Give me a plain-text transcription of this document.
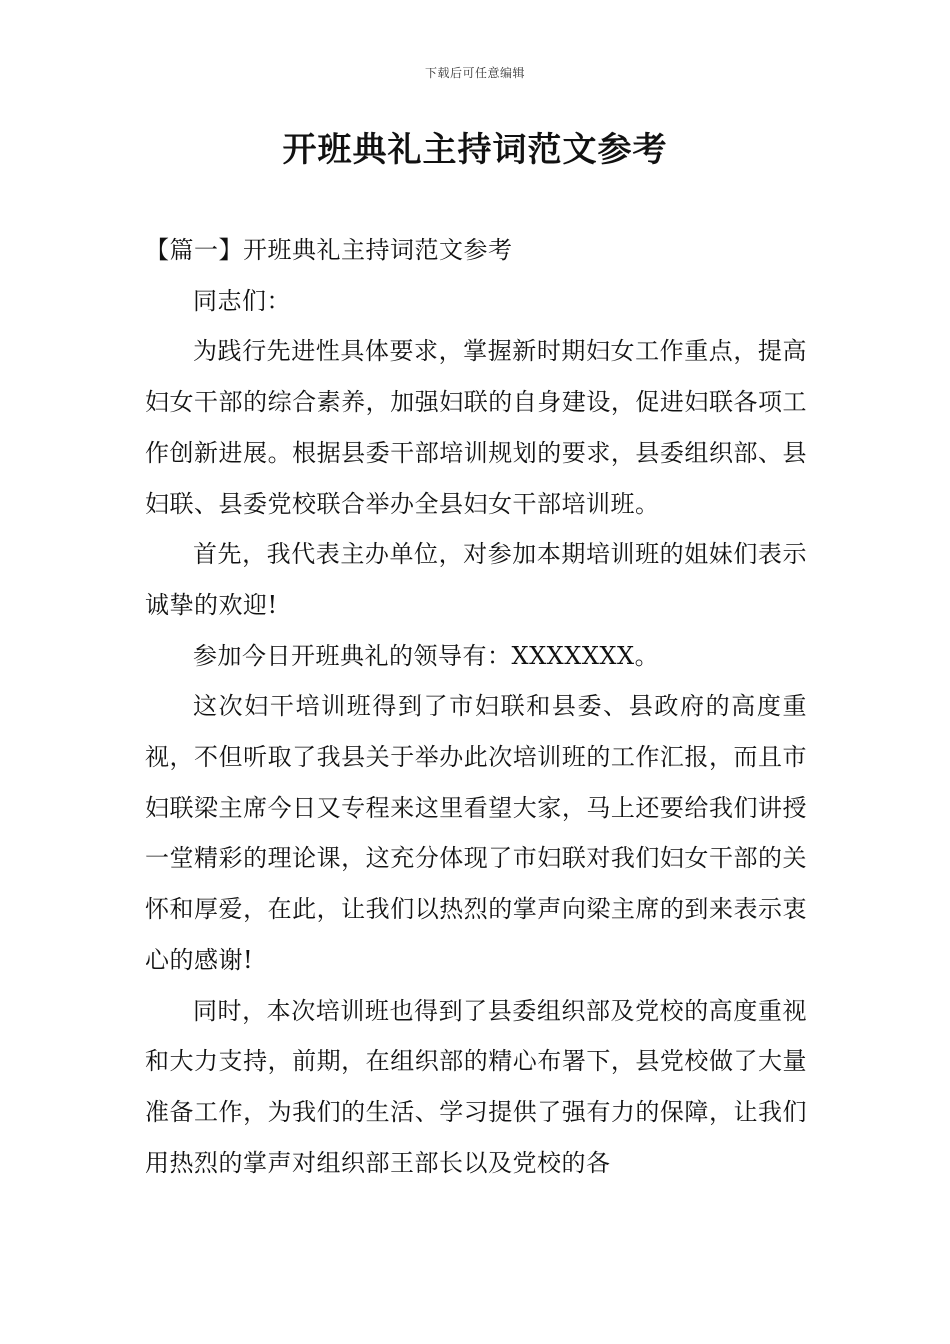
下载后可任意编辑
开班典礼主持词范文参考

【篇一】开班典礼主持词范文参考

同志们：

为践行先进性具体要求，掌握新时期妇女工作重点，提高妇女干部的综合素养，加强妇联的自身建设，促进妇联各项工作创新进展。根据县委干部培训规划的要求，县委组织部、县妇联、县委党校联合举办全县妇女干部培训班。

首先，我代表主办单位，对参加本期培训班的姐妹们表示诚挚的欢迎!

参加今日开班典礼的领导有：XXXXXXX。

这次妇干培训班得到了市妇联和县委、县政府的高度重视，不但听取了我县关于举办此次培训班的工作汇报，而且市妇联梁主席今日又专程来这里看望大家，马上还要给我们讲授一堂精彩的理论课，这充分体现了市妇联对我们妇女干部的关怀和厚爱，在此，让我们以热烈的掌声向梁主席的到来表示衷心的感谢!

同时，本次培训班也得到了县委组织部及党校的高度重视和大力支持，前期，在组织部的精心布署下，县党校做了大量准备工作，为我们的生活、学习提供了强有力的保障，让我们用热烈的掌声对组织部王部长以及党校的各
